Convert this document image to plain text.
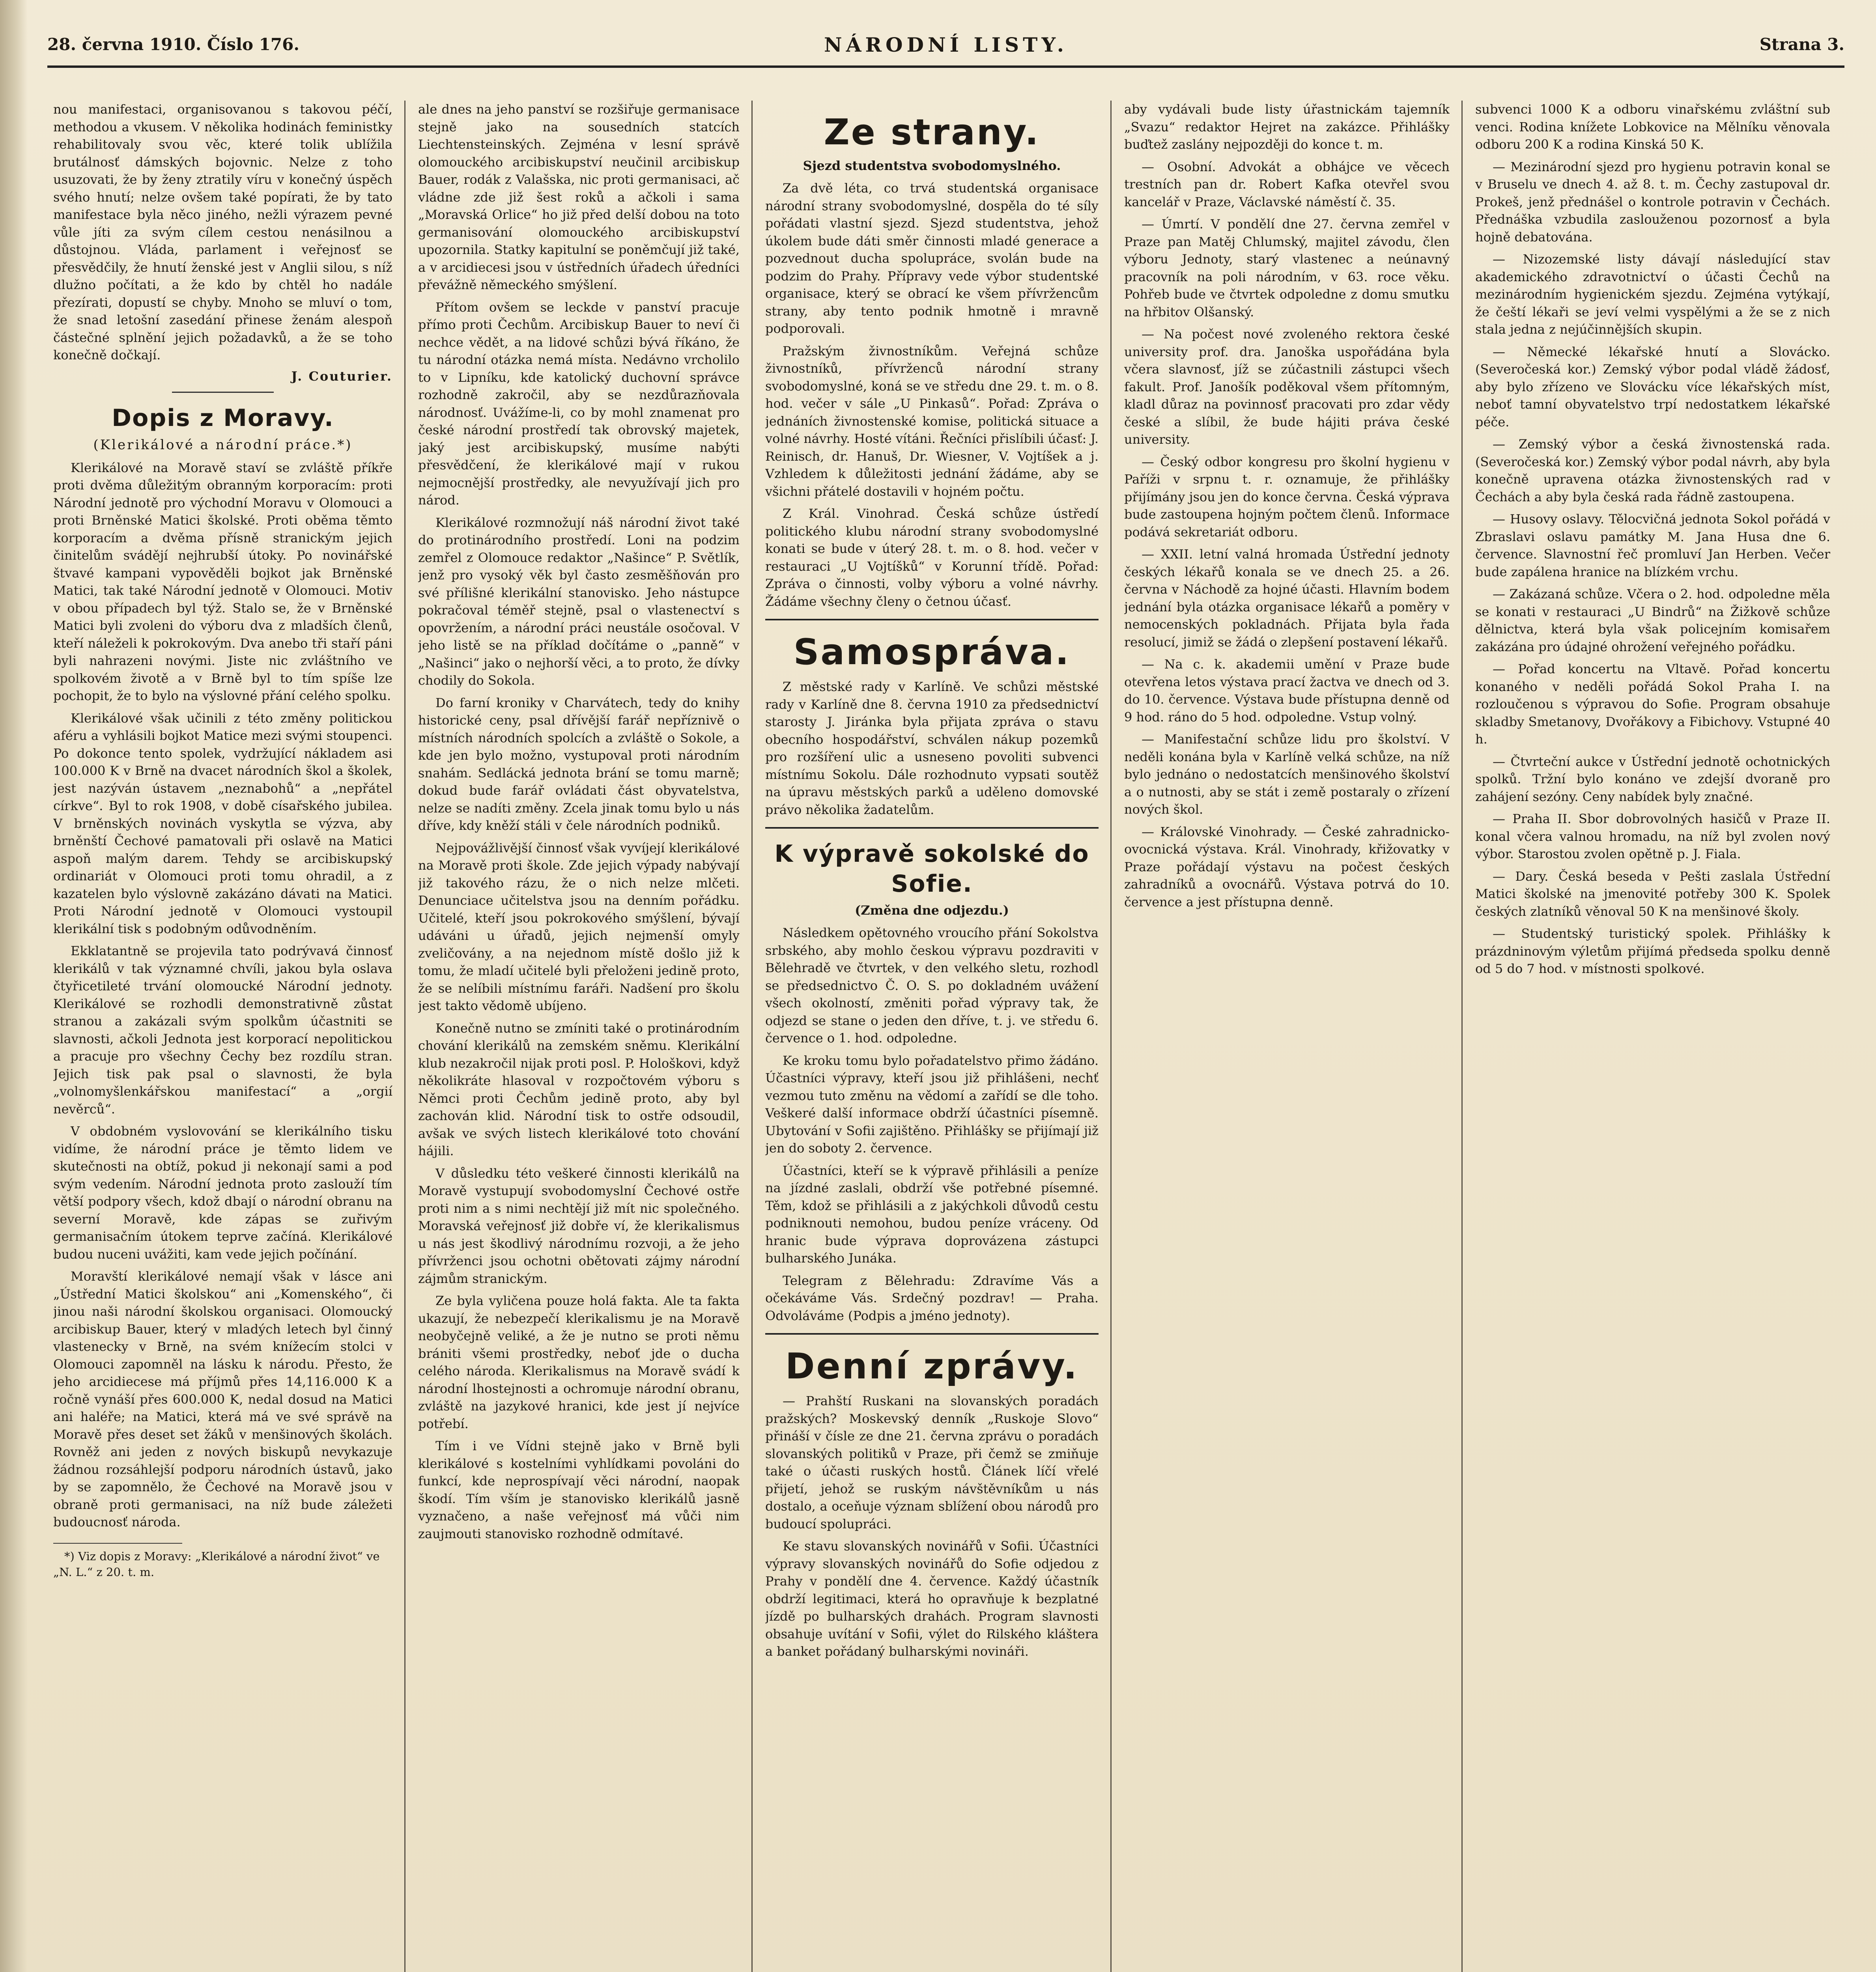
28. června 1910. Číslo 176.	NÁRODNÍ LISTY.	Strana 3.

nou manifestaci, organisovanou s takovou péčí, methodou a vkusem. V několika hodinách feministky rehabilitovaly svou věc, které tolik ublížila brutálnosť dámských bojovnic. Nelze z toho usuzovati, že by ženy ztratily víru v konečný úspěch svého hnutí; nelze ovšem také popírati, že by tato manifestace byla něco jiného, nežli výrazem pevné vůle jíti za svým cílem cestou nenásilnou a důstojnou. Vláda, parlament i veřejnosť se přesvědčily, že hnutí ženské jest v Anglii silou, s níž dlužno počítati, a že kdo by chtěl ho nadále přezírati, dopustí se chyby. Mnoho se mluví o tom, že snad letošní zasedání přinese ženám alespoň částečné splnění jejich požadavků, a že se toho konečně dočkají.

J. Couturier.

Dopis z Moravy.
(Klerikálové a národní práce.*)

Klerikálové na Moravě staví se zvláště příkře proti dvěma důležitým obranným korporacím: proti Národní jednotě pro východní Moravu v Olomouci a proti Brněnské Matici školské. Proti oběma těmto korporacím a dvěma přísně stranickým jejich činitelům svádějí nejhrubší útoky. Po novinářské štvavé kampani vypověděli bojkot jak Brněnské Matici, tak také Národní jednotě v Olomouci. Motiv v obou případech byl týž. Stalo se, že v Brněnské Matici byli zvoleni do výboru dva z mladších členů, kteří náleželi k pokrokovým. Dva anebo tři staří páni byli nahrazeni novými. Jiste nic zvláštního ve spolkovém životě a v Brně byl to tím spíše lze pochopit, že to bylo na výslovné přání celého spolku.

Klerikálové však učinili z této změny politickou aféru a vyhlásili bojkot Matice mezi svými stoupenci. Po dokonce tento spolek, vydržující nákladem asi 100.000 K v Brně na dvacet národních škol a školek, jest nazýván ústavem „neznabohů“ a „nepřátel církve“. Byl to rok 1908, v době císařského jubilea. V brněnských novinách vyskytla se výzva, aby brněnští Čechové pamatovali při oslavě na Matici aspoň malým darem. Tehdy se arcibiskupský ordinariát v Olomouci proti tomu ohradil, a z kazatelen bylo výslovně zakázáno dávati na Matici. Proti Národní jednotě v Olomouci vystoupil klerikální tisk s podobným odůvodněním.

Ekklatantně se projevila tato podrývavá činnosť klerikálů v tak významné chvíli, jakou byla oslava čtyřicetileté trvání olomoucké Národní jednoty. Klerikálové se rozhodli demonstrativně zůstat stranou a zakázali svým spolkům účastniti se slavnosti, ačkoli Jednota jest korporací nepolitickou a pracuje pro všechny Čechy bez rozdílu stran. Jejich tisk pak psal o slavnosti, že byla „volnomyšlenkářskou manifestací“ a „orgií nevěrců“.

V obdobném vyslovování se klerikálního tisku vidíme, že národní práce je těmto lidem ve skutečnosti na obtíž, pokud ji nekonají sami a pod svým vedením. Národní jednota proto zaslouží tím větší podpory všech, kdož dbají o národní obranu na severní Moravě, kde zápas se zuřivým germanisačním útokem teprve začíná. Klerikálové budou nuceni uvážiti, kam vede jejich počínání.

Moravští klerikálové nemají však v lásce ani „Ústřední Matici školskou“ ani „Komenského“, či jinou naši národní školskou organisaci. Olomoucký arcibiskup Bauer, který v mladých letech byl činný vlastenecky v Brně, na svém knížecím stolci v Olomouci zapomněl na lásku k národu. Přesto, že jeho arcidiecese má příjmů přes 14,116.000 K a ročně vynáší přes 600.000 K, nedal dosud na Matici ani haléře; na Matici, která má ve své správě na Moravě přes deset set žáků v menšinových školách. Rovněž ani jeden z nových biskupů nevykazuje žádnou rozsáhlejší podporu národních ústavů, jako by se zapomnělo, že Čechové na Moravě jsou v obraně proti germanisaci, na níž bude záležeti budoucnosť národa.

*) Viz dopis z Moravy: „Klerikálové a národní život“ ve „N. L.“ z 20. t. m.

ale dnes na jeho panství se rozšiřuje germanisace stejně jako na sousedních statcích Liechtensteinských. Zejména v lesní správě olomouckého arcibiskupství neučinil arcibiskup Bauer, rodák z Valašska, nic proti germanisaci, ač vládne zde již šest roků a ačkoli i sama „Moravská Orlice“ ho již před delší dobou na toto germanisování olomouckého arcibiskupství upozornila. Statky kapitulní se poněmčují již také, a v arcidiecesi jsou v ústředních úřadech úředníci převážně německého smýšlení.

Přítom ovšem se leckde v panství pracuje přímo proti Čechům. Arcibiskup Bauer to neví či nechce vědět, a na lidové schůzi bývá říkáno, že tu národní otázka nemá místa. Nedávno vrcholilo to v Lipníku, kde katolický duchovní správce rozhodně zakročil, aby se nezdůrazňovala národnosť. Uvážíme-li, co by mohl znamenat pro české národní prostředí tak obrovský majetek, jaký jest arcibiskupský, musíme nabýti přesvědčení, že klerikálové mají v rukou nejmocnější prostředky, ale nevyužívají jich pro národ.

Klerikálové rozmnožují náš národní život také do protinárodního prostředí. Loni na podzim zemřel z Olomouce redaktor „Našince“ P. Světlík, jenž pro vysoký věk byl často zesměšňován pro své přílišné klerikální stanovisko. Jeho nástupce pokračoval téměř stejně, psal o vlastenectví s opovržením, a národní práci neustále osočoval. V jeho listě se na příklad dočítáme o „panně“ v „Našinci“ jako o nejhorší věci, a to proto, že dívky chodily do Sokola.

Do farní kroniky v Charvátech, tedy do knihy historické ceny, psal dřívější farář nepříznivě o místních národních spolcích a zvláště o Sokole, a kde jen bylo možno, vystupoval proti národním snahám. Sedlácká jednota brání se tomu marně; dokud bude farář ovládati část obyvatelstva, nelze se nadíti změny. Zcela jinak tomu bylo u nás dříve, kdy kněží stáli v čele národních podniků.

Nejpovážlivější činnosť však vyvíjejí klerikálové na Moravě proti škole. Zde jejich výpady nabývají již takového rázu, že o nich nelze mlčeti. Denunciace učitelstva jsou na denním pořádku. Učitelé, kteří jsou pokrokového smýšlení, bývají udáváni u úřadů, jejich nejmenší omyly zveličovány, a na nejednom místě došlo již k tomu, že mladí učitelé byli přeloženi jedině proto, že se nelíbili místnímu faráři. Nadšení pro školu jest takto vědomě ubíjeno.

Konečně nutno se zmíniti také o protinárodním chování klerikálů na zemském sněmu. Klerikální klub nezakročil nijak proti posl. P. Hološkovi, když několikráte hlasoval v rozpočtovém výboru s Němci proti Čechům jedině proto, aby byl zachován klid. Národní tisk to ostře odsoudil, avšak ve svých listech klerikálové toto chování hájili.

V důsledku této veškeré činnosti klerikálů na Moravě vystupují svobodomyslní Čechové ostře proti nim a s nimi nechtějí již mít nic společného. Moravská veřejnosť již dobře ví, že klerikalismus u nás jest škodlivý národnímu rozvoji, a že jeho přívrženci jsou ochotni obětovati zájmy národní zájmům stranickým.

Ze byla vyličena pouze holá fakta. Ale ta fakta ukazují, že nebezpečí klerikalismu je na Moravě neobyčejně veliké, a že je nutno se proti němu brániti všemi prostředky, neboť jde o ducha celého národa. Klerikalismus na Moravě svádí k národní lhostejnosti a ochromuje národní obranu, zvláště na jazykové hranici, kde jest jí nejvíce potřebí.

Tím i ve Vídni stejně jako v Brně byli klerikálové s kostelními vyhlídkami povoláni do funkcí, kde neprospívají věci národní, naopak škodí. Tím vším je stanovisko klerikálů jasně vyznačeno, a naše veřejnosť má vůči nim zaujmouti stanovisko rozhodně odmítavé.

Ze strany.
Sjezd studentstva svobodomyslného.

Za dvě léta, co trvá studentská organisace národní strany svobodomyslné, dospěla do té síly pořádati vlastní sjezd. Sjezd studentstva, jehož úkolem bude dáti směr činnosti mladé generace a pozvednout ducha spolupráce, svolán bude na podzim do Prahy. Přípravy vede výbor studentské organisace, který se obrací ke všem přívržencům strany, aby tento podnik hmotně i mravně podporovali.

Pražským živnostníkům. Veřejná schůze živnostníků, přívrženců národní strany svobodomyslné, koná se ve středu dne 29. t. m. o 8. hod. večer v sále „U Pinkasů“. Pořad: Zpráva o jednáních živnostenské komise, politická situace a volné návrhy. Hosté vítáni. Řečníci přislíbili účasť: J. Reinisch, dr. Hanuš, Dr. Wiesner, V. Vojtíšek a j. Vzhledem k důležitosti jednání žádáme, aby se všichni přátelé dostavili v hojném počtu.

Z Král. Vinohrad. Česká schůze ústředí politického klubu národní strany svobodomyslné konati se bude v úterý 28. t. m. o 8. hod. večer v restauraci „U Vojtíšků“ v Korunní třídě. Pořad: Zpráva o činnosti, volby výboru a volné návrhy. Žádáme všechny členy o četnou účasť.

Samospráva.

Z městské rady v Karlíně. Ve schůzi městské rady v Karlíně dne 8. června 1910 za předsednictví starosty J. Jiránka byla přijata zpráva o stavu obecního hospodářství, schválen nákup pozemků pro rozšíření ulic a usneseno povoliti subvenci místnímu Sokolu. Dále rozhodnuto vypsati soutěž na úpravu městských parků a uděleno domovské právo několika žadatelům.

K výpravě sokolské do Sofie.
(Změna dne odjezdu.)

Následkem opětovného vroucího přání Sokolstva srbského, aby mohlo českou výpravu pozdraviti v Bělehradě ve čtvrtek, v den velkého sletu, rozhodl se předsednictvo Č. O. S. po dokladném uvážení všech okolností, změniti pořad výpravy tak, že odjezd se stane o jeden den dříve, t. j. ve středu 6. července o 1. hod. odpoledne.

Ke kroku tomu bylo pořadatelstvo přimo žádáno. Účastníci výpravy, kteří jsou již přihlášeni, nechť vezmou tuto změnu na vědomí a zařídí se dle toho. Veškeré další informace obdrží účastníci písemně. Ubytování v Sofii zajištěno. Přihlášky se přijímají již jen do soboty 2. července.

Účastníci, kteří se k výpravě přihlásili a peníze na jízdné zaslali, obdrží vše potřebné písemné. Těm, kdož se přihlásili a z jakýchkoli důvodů cestu podniknouti nemohou, budou peníze vráceny. Od hranic bude výprava doprovázena zástupci bulharského Junáka.

Telegram z Bělehradu: Zdravíme Vás a očekáváme Vás. Srdečný pozdrav! — Praha. Odvoláváme (Podpis a jméno jednoty).

Denní zprávy.

— Prahští Ruskani na slovanských poradách pražských? Moskevský denník „Ruskoje Slovo“ přináší v čísle ze dne 21. června zprávu o poradách slovanských politiků v Praze, při čemž se zmiňuje také o účasti ruských hostů. Článek líčí vřelé přijetí, jehož se ruským návštěvníkům u nás dostalo, a oceňuje význam sblížení obou národů pro budoucí spolupráci.

Ke stavu slovanských novinářů v Sofii. Účastníci výpravy slovanských novinářů do Sofie odjedou z Prahy v pondělí dne 4. července. Každý účastník obdrží legitimaci, která ho opravňuje k bezplatné jízdě po bulharských drahách. Program slavnosti obsahuje uvítání v Sofii, výlet do Rilského kláštera a banket pořádaný bulharskými novináři.

aby vydávali bude listy úřastnickám tajemník „Svazu“ redaktor Hejret na zakázce. Přihlášky buďtež zaslány nejpozději do konce t. m.

— Osobní. Advokát a obhájce ve věcech trestních pan dr. Robert Kafka otevřel svou kancelář v Praze, Václavské náměstí č. 35.

— Úmrtí. V pondělí dne 27. června zemřel v Praze pan Matěj Chlumský, majitel závodu, člen výboru Jednoty, starý vlastenec a neúnavný pracovník na poli národním, v 63. roce věku. Pohřeb bude ve čtvrtek odpoledne z domu smutku na hřbitov Olšanský.

— Na počest nové zvoleného rektora české university prof. dra. Janoška uspořádána byla včera slavnosť, jíž se zúčastnili zástupci všech fakult. Prof. Janošík poděkoval všem přítomným, kladl důraz na povinnosť pracovati pro zdar vědy české a slíbil, že bude hájiti práva české university.

— Český odbor kongresu pro školní hygienu v Paříži v srpnu t. r. oznamuje, že přihlášky přijímány jsou jen do konce června. Česká výprava bude zastoupena hojným počtem členů. Informace podává sekretariát odboru.

— XXII. letní valná hromada Ústřední jednoty českých lékařů konala se ve dnech 25. a 26. června v Náchodě za hojné účasti. Hlavním bodem jednání byla otázka organisace lékařů a poměry v nemocenských pokladnách. Přijata byla řada resolucí, jimiž se žádá o zlepšení postavení lékařů.

— Na c. k. akademii umění v Praze bude otevřena letos výstava prací žactva ve dnech od 3. do 10. července. Výstava bude přístupna denně od 9 hod. ráno do 5 hod. odpoledne. Vstup volný.

— Manifestační schůze lidu pro školství. V neděli konána byla v Karlíně velká schůze, na níž bylo jednáno o nedostatcích menšinového školství a o nutnosti, aby se stát i země postaraly o zřízení nových škol.

— Královské Vinohrady. — České zahradnicko-ovocnická výstava. Král. Vinohrady, křižovatky v Praze pořádají výstavu na počest českých zahradníků a ovocnářů. Výstava potrvá do 10. července a jest přístupna denně.

subvenci 1000 K a odboru vinařskému zvláštní sub venci. Rodina knížete Lobkovice na Mělníku věnovala odboru 200 K a rodina Kinská 50 K.

— Mezinárodní sjezd pro hygienu potravin konal se v Bruselu ve dnech 4. až 8. t. m. Čechy zastupoval dr. Prokeš, jenž přednášel o kontrole potravin v Čechách. Přednáška vzbudila zaslouženou pozornosť a byla hojně debatována.

— Nizozemské listy dávají následující stav akademického zdravotnictví o účasti Čechů na mezinárodním hygienickém sjezdu. Zejména vytýkají, že čeští lékaři se jeví velmi vyspělými a že se z nich stala jedna z nejúčinnějších skupin.

— Německé lékařské hnutí a Slovácko. (Severočeská kor.) Zemský výbor podal vládě žádosť, aby bylo zřízeno ve Slovácku více lékařských míst, neboť tamní obyvatelstvo trpí nedostatkem lékařské péče.

— Zemský výbor a česká živnostenská rada. (Severočeská kor.) Zemský výbor podal návrh, aby byla konečně upravena otázka živnostenských rad v Čechách a aby byla česká rada řádně zastoupena.

— Husovy oslavy. Tělocvičná jednota Sokol pořádá v Zbraslavi oslavu památky M. Jana Husa dne 6. července. Slavnostní řeč promluví Jan Herben. Večer bude zapálena hranice na blízkém vrchu.

— Zakázaná schůze. Včera o 2. hod. odpoledne měla se konati v restauraci „U Bindrů“ na Žižkově schůze dělnictva, která byla však policejním komisařem zakázána pro údajné ohrožení veřejného pořádku.

— Pořad koncertu na Vltavě. Pořad koncertu konaného v neděli pořádá Sokol Praha I. na rozloučenou s výpravou do Sofie. Program obsahuje skladby Smetanovy, Dvořákovy a Fibichovy. Vstupné 40 h.

— Čtvrteční aukce v Ústřední jednotě ochotnických spolků. Tržní bylo konáno ve zdejší dvoraně pro zahájení sezóny. Ceny nabídek byly značné.

— Praha II. Sbor dobrovolných hasičů v Praze II. konal včera valnou hromadu, na níž byl zvolen nový výbor. Starostou zvolen opětně p. J. Fiala.

— Dary. Česká beseda v Pešti zaslala Ústřední Matici školské na jmenovité potřeby 300 K. Spolek českých zlatníků věnoval 50 K na menšinové školy.

— Studentský turistický spolek. Přihlášky k prázdninovým výletům přijímá předseda spolku denně od 5 do 7 hod. v místnosti spolkové.
